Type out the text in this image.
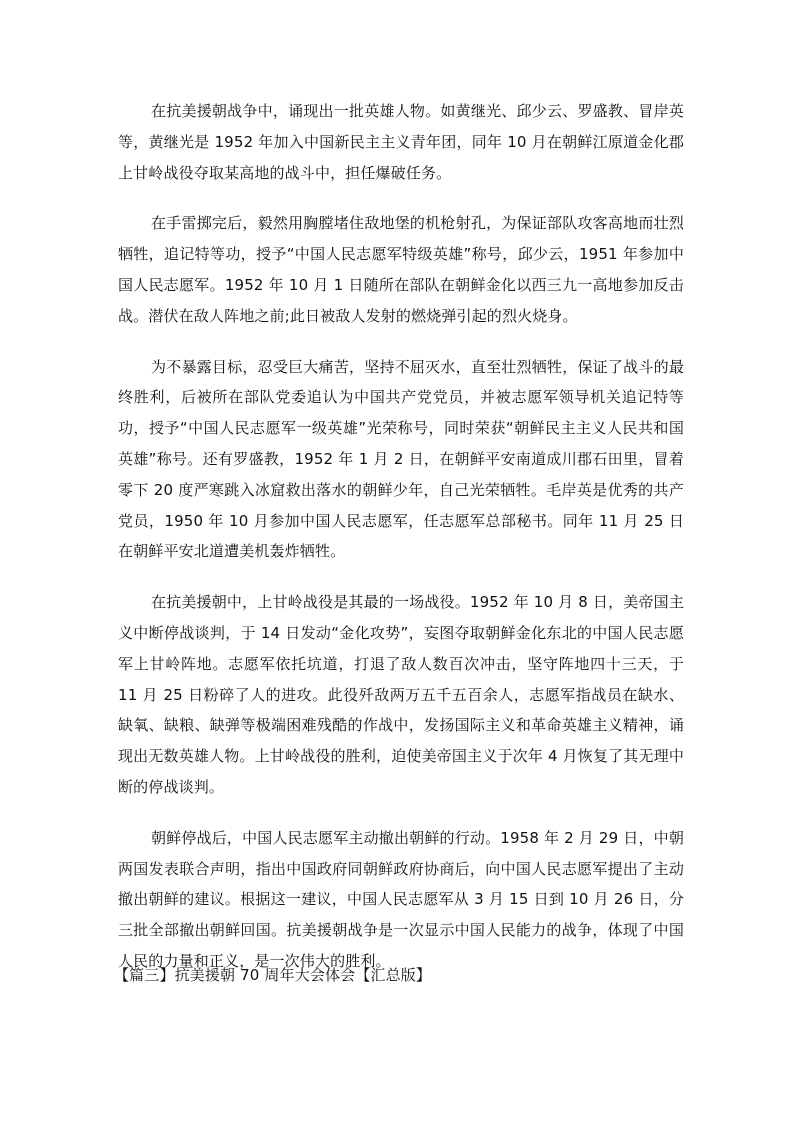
在抗美援朝战争中，诵现出一批英雄人物。如黄继光、邱少云、罗盛教、冒岸英等，黄继光是 1952 年加入中国新民主主义青年团，同年 10 月在朝鲜江原道金化郡上甘岭战役夺取某高地的战斗中，担任爆破任务。

在手雷掷完后，毅然用胸膛堵住敌地堡的机枪射孔，为保证部队攻客高地而壮烈牺牲，追记特等功，授予“中国人民志愿军特级英雄”称号，邱少云，1951 年参加中国人民志愿军。1952 年 10 月 1 日随所在部队在朝鲜金化以西三九一高地参加反击战。潜伏在敌人阵地之前;此日被敌人发射的燃烧弹引起的烈火烧身。

为不暴露目标，忍受巨大痛苦，坚持不屈灭水，直至壮烈牺牲，保证了战斗的最终胜利，后被所在部队党委追认为中国共产党党员，并被志愿军领导机关追记特等功，授予“中国人民志愿军一级英雄”光荣称号，同时荣获“朝鲜民主主义人民共和国英雄”称号。还有罗盛教，1952 年 1 月 2 日，在朝鲜平安南道成川郡石田里，冒着零下 20 度严寒跳入冰窟救出落水的朝鲜少年，自己光荣牺牲。毛岸英是优秀的共产党员，1950 年 10 月参加中国人民志愿军，任志愿军总部秘书。同年 11 月 25 日在朝鲜平安北道遭美机轰炸牺牲。

在抗美援朝中，上甘岭战役是其最的一场战役。1952 年 10 月 8 日，美帝国主义中断停战谈判，于 14 日发动“金化攻势”，妄图夺取朝鲜金化东北的中国人民志愿军上甘岭阵地。志愿军依托坑道，打退了敌人数百次冲击，坚守阵地四十三天，于 11 月 25 日粉碎了人的进攻。此役歼敌两万五千五百余人，志愿军指战员在缺水、缺氧、缺粮、缺弹等极端困难残酷的作战中，发扬国际主义和革命英雄主义精神，诵现出无数英雄人物。上甘岭战役的胜利，迫使美帝国主义于次年 4 月恢复了其无理中断的停战谈判。

朝鲜停战后，中国人民志愿军主动撤出朝鲜的行动。1958 年 2 月 29 日，中朝两国发表联合声明，指出中国政府同朝鲜政府协商后，向中国人民志愿军提出了主动撤出朝鲜的建议。根据这一建议，中国人民志愿军从 3 月 15 日到 10 月 26 日，分三批全部撤出朝鲜回国。抗美援朝战争是一次显示中国人民能力的战争，体现了中国人民的力量和正义，是一次伟大的胜利。

【篇三】抗美援朝 70 周年大会体会【汇总版】
